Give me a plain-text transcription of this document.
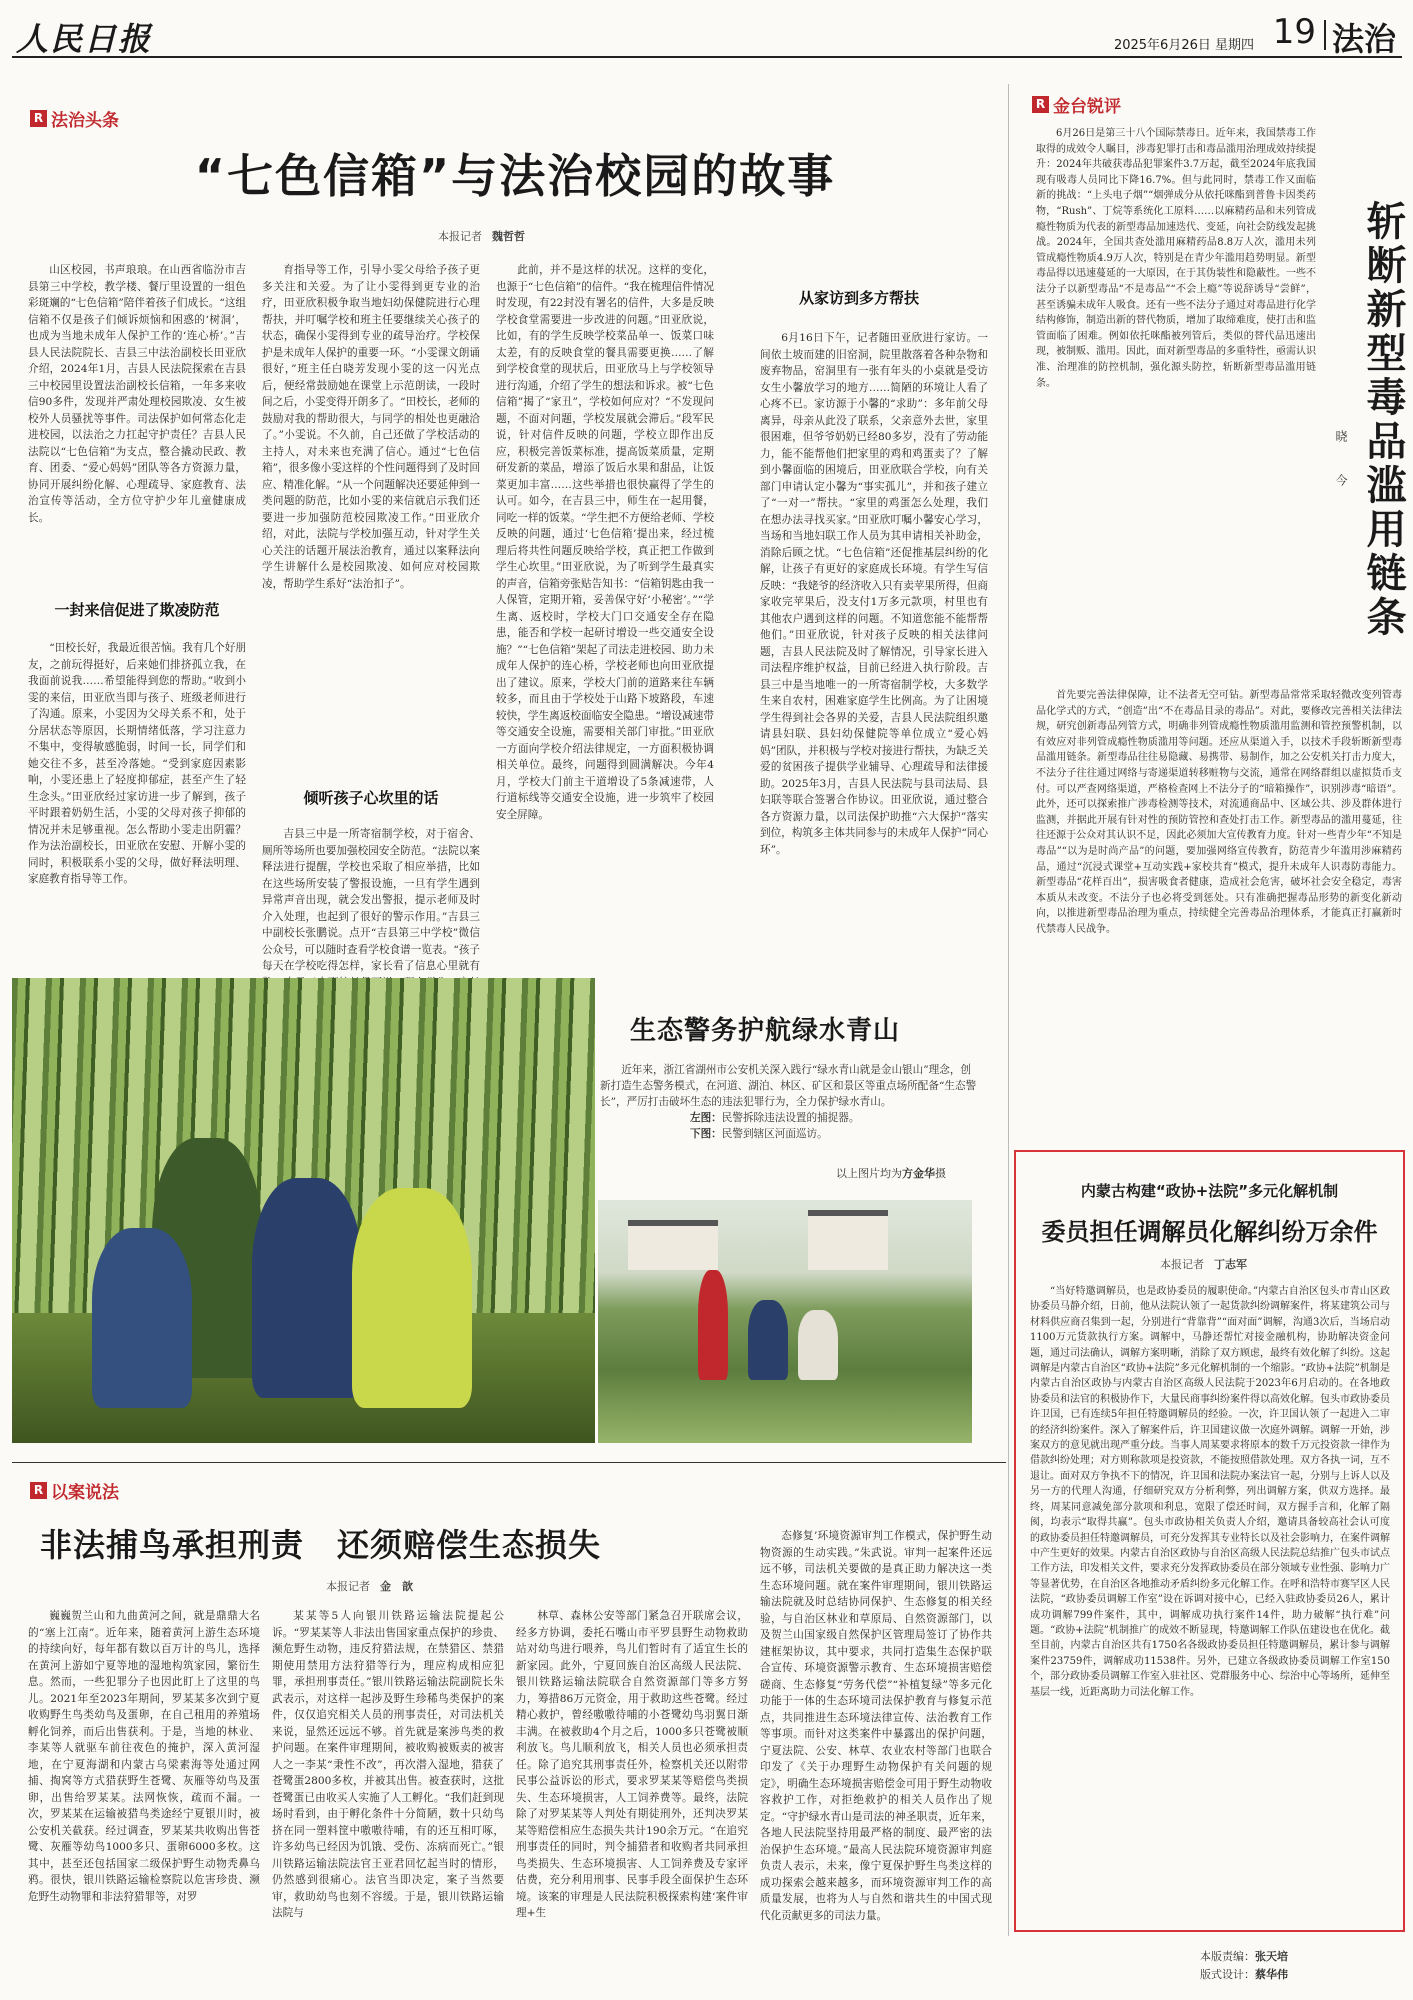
人民日报	2025年6月26日 星期四 19 法治
R 法治头条
“七色信箱”与法治校园的故事
本报记者 魏哲哲

山区校园，书声琅琅。在山西省临汾市吉县第三中学校，教学楼、餐厅里设置的一组色彩斑斓的“七色信箱”陪伴着孩子们成长。“这组信箱不仅是孩子们倾诉烦恼和困惑的‘树洞’，也成为当地未成年人保护工作的‘连心桥’。”吉县人民法院院长、吉县三中法治副校长田亚欣介绍，2024年1月，吉县人民法院探索在吉县三中校园里设置法治副校长信箱，一年多来收信90多件，发现并严肃处理校园欺凌、女生被校外人员骚扰等事件。司法保护如何常态化走进校园，以法治之力扛起守护责任？吉县人民法院以“七色信箱”为支点，整合撬动民政、教育、团委、“爱心妈妈”团队等各方资源力量，协同开展纠纷化解、心理疏导、家庭教育、法治宣传等活动，全方位守护少年儿童健康成长。

一封来信促进了欺凌防范

“田校长好，我最近很苦恼。我有几个好朋友，之前玩得挺好，后来她们排挤孤立我，在我面前说我……希望能得到您的帮助。”收到小雯的来信，田亚欣当即与孩子、班级老师进行了沟通。原来，小雯因为父母关系不和，处于分居状态等原因，长期情绪低落，学习注意力不集中，变得敏感脆弱，时间一长，同学们和她交往不多，甚至冷落她。“受到家庭因素影响，小雯还患上了轻度抑郁症，甚至产生了轻生念头。”田亚欣经过家访进一步了解到，孩子平时跟着奶奶生活，小雯的父母对孩子抑郁的情况并未足够重视。怎么帮助小雯走出阴霾？作为法治副校长，田亚欣在安慰、开解小雯的同时，积极联系小雯的父母，做好释法明理、家庭教育指导等工作。

育指导等工作，引导小雯父母给予孩子更多关注和关爱。为了让小雯得到更专业的治疗，田亚欣积极争取当地妇幼保健院进行心理帮扶，并叮嘱学校和班主任要继续关心孩子的状态，确保小雯得到专业的疏导治疗。学校保护是未成年人保护的重要一环。“小雯课文朗诵很好，”班主任白晓芳发现小雯的这一闪光点后，便经常鼓励她在课堂上示范朗读，一段时间之后，小雯变得开朗多了。“田校长，老师的鼓励对我的帮助很大，与同学的相处也更融洽了。”小雯说。不久前，自己还做了学校活动的主持人，对未来也充满了信心。通过“七色信箱”，很多像小雯这样的个性问题得到了及时回应、精准化解。“从一个问题解决还要延伸到一类问题的防范，比如小雯的来信就启示我们还要进一步加强防范校园欺凌工作。”田亚欣介绍，对此，法院与学校加强互动，针对学生关心关注的话题开展法治教育，通过以案释法向学生讲解什么是校园欺凌、如何应对校园欺凌，帮助学生系好“法治扣子”。

倾听孩子心坎里的话

吉县三中是一所寄宿制学校，对于宿舍、厕所等场所也要加强校园安全防范。“法院以案释法进行提醒，学校也采取了相应举措，比如在这些场所安装了警报设施，一旦有学生遇到异常声音出现，就会发出警报，提示老师及时介入处理，也起到了很好的警示作用。”吉县三中副校长张鹏说。点开“吉县第三中学校”微信公众号，可以随时查看学校食谱一览表。“孩子每天在学校吃得怎样，家长看了信息心里就有

此前，并不是这样的状况。这样的变化，也源于“七色信箱”的信件。“我在梳理信件情况时发现，有22封没有署名的信件，大多是反映学校食堂需要进一步改进的问题。”田亚欣说，比如，有的学生反映学校菜品单一、饭菜口味太差，有的反映食堂的餐具需要更换……了解到学校食堂的现状后，田亚欣马上与学校领导进行沟通，介绍了学生的想法和诉求。被“七色信箱”揭了“家丑”，学校如何应对？“不发现问题，不面对问题，学校发展就会滞后。”段军民说，针对信件反映的问题，学校立即作出反应，积极完善饭菜标准，提高饭菜质量，定期研发新的菜品，增添了饭后水果和甜品，让饭菜更加丰富……这些举措也很快赢得了学生的认可。如今，在吉县三中，师生在一起用餐，同吃一样的饭菜。“学生把不方便给老师、学校反映的问题，通过‘七色信箱’提出来，经过梳理后将共性问题反映给学校，真正把工作做到学生心坎里。”田亚欣说，为了听到学生最真实的声音，信箱旁张贴告知书：“信箱钥匙由我一人保管，定期开箱，妥善保守好‘小秘密’。”“学生离、返校时，学校大门口交通安全存在隐患，能否和学校一起研讨增设一些交通安全设施？”“七色信箱”架起了司法走进校园、助力未成年人保护的连心桥，学校老师也向田亚欣提出了建议。原来，学校大门前的道路来往车辆较多，而且由于学校处于山路下坡路段，车速较快，学生离返校面临安全隐患。“增设减速带等交通安全设施，需要相关部门审批。”田亚欣一方面向学校介绍法律规定，一方面积极协调相关单位。最终，问题得到圆满解决。今年4月，学校大门前主干道增设了5条减速带，人行道标线等交通安全设施，进一步筑牢了校园安全屏障。

从家访到多方帮扶

6月16日下午，记者随田亚欣进行家访。一间依土坡而建的旧窑洞，院里散落着各种杂物和废弃物品，窑洞里有一张有年头的小桌就是受访女生小馨放学习的地方……简陋的环境让人看了心疼不已。家访源于小馨的“求助”：多年前父母离异，母亲从此没了联系，父亲意外去世，家里很困难，但爷爷奶奶已经80多岁，没有了劳动能力，能不能帮他们把家里的鸡和鸡蛋卖了？了解到小馨面临的困境后，田亚欣联合学校，向有关部门申请认定小馨为“事实孤儿”，并和孩子建立了“一对一”帮扶。“家里的鸡蛋怎么处理，我们在想办法寻找买家。”田亚欣叮嘱小馨安心学习，当场和当地妇联工作人员为其申请相关补助金，消除后顾之忧。“七色信箱”还促推基层纠纷的化解，让孩子有更好的家庭成长环境。有学生写信反映：“我姥爷的经济收入只有卖苹果所得，但商家收完苹果后，没支付1万多元款项，村里也有其他农户遇到这样的问题。不知道您能不能帮帮他们。”田亚欣说，针对孩子反映的相关法律问题，吉县人民法院及时了解情况，引导家长进入司法程序维护权益，目前已经进入执行阶段。吉县三中是当地唯一的一所寄宿制学校，大多数学生来自农村，困难家庭学生比例高。为了让困境学生得到社会各界的关爱，吉县人民法院组织邀请县妇联、县妇幼保健院等单位成立“爱心妈妈”团队，并积极与学校对接进行帮扶，为缺乏关爱的贫困孩子提供学业辅导、心理疏导和法律援助。2025年3月，吉县人民法院与县司法局、县妇联等联合签署合作协议。田亚欣说，通过整合各方资源力量，以司法保护助推“六大保护”落实到位，构筑多主体共同参与的未成年人保护“同心环”。

生态警务护航绿水青山

近年来，浙江省湖州市公安机关深入践行“绿水青山就是金山银山”理念，创新打造生态警务模式，在河道、湖泊、林区、矿区和景区等重点场所配备“生态警长”，严厉打击破坏生态的违法犯罪行为，全力保护绿水青山。

左图：民警拆除违法设置的捕捉器。
下图：民警到辖区河面巡访。
以上图片均为方金华摄
R 以案说法
非法捕鸟承担刑责　还须赔偿生态损失
本报记者 金　歆

巍巍贺兰山和九曲黄河之间，就是鼎鼎大名的“塞上江南”。近年来，随着黄河上游生态环境的持续向好，每年都有数以百万计的鸟儿，选择在黄河上游如宁夏等地的湿地构筑家园，繁衍生息。然而，一些犯罪分子也因此盯上了这里的鸟儿。2021年至2023年期间，罗某某多次到宁夏收购野生鸟类幼鸟及蛋卵，在自己租用的养殖场孵化饲养，而后出售获利。于是，当地的林业、李某等人就驱车前往夜色的掩护，深入黄河湿地，在宁夏海湖和内蒙古乌梁素海等处通过网捕、掏窝等方式猎获野生苍鹭、灰雁等幼鸟及蛋卵，出售给罗某某。法网恢恢，疏而不漏。一次，罗某某在运输被猎鸟类途经宁夏银川时，被公安机关截获。经过调查，罗某某共收购出售苍鹭、灰雁等幼鸟1000多只、蛋卵6000多枚。这其中，甚至还包括国家二级保护野生动物秃鼻乌鸦。很快，银川铁路运输检察院以危害珍贵、濒危野生动物罪和非法狩猎罪等，对罗

某某等5人向银川铁路运输法院提起公诉。“罗某某等人非法出售国家重点保护的珍贵、濒危野生动物，违反狩猎法规，在禁猎区、禁猎期使用禁用方法狩猎等行为，理应构成相应犯罪，承担刑事责任。”银川铁路运输法院副院长朱武表示，对这样一起涉及野生珍稀鸟类保护的案件，仅仅追究相关人员的刑事责任，对司法机关来说，显然还远远不够。首先就是案涉鸟类的救护问题。在案件审理期间，被收购被贩卖的被害人之一李某“秉性不改”，再次潜入湿地，猎获了苍鹭蛋2800多枚，并被其出售。被查获时，这批苍鹭蛋已由收买人实施了人工孵化。“我们赶到现场时看到，由于孵化条件十分简陋，数十只幼鸟挤在同一塑料筐中嗷嗷待哺，有的还互相叮啄，许多幼鸟已经因为饥饿、受伤、冻病而死亡。”银川铁路运输法院法官王亚君回忆起当时的情形，仍然感到很痛心。法官当即决定，案子当然要审，救助幼鸟也刻不容缓。于是，银川铁路运输法院与

林草、森林公安等部门紧急召开联席会议，经多方协调，委托石嘴山市平罗县野生动物救助站对幼鸟进行喂养，鸟儿们暂时有了适宜生长的新家园。此外，宁夏回族自治区高级人民法院、银川铁路运输法院联合自然资源部门等多方努力，筹措86万元资金，用于救助这些苍鹭。经过精心救护，曾经嗷嗷待哺的小苍鹭幼鸟羽翼日渐丰满。在被救助4个月之后，1000多只苍鹭被顺利放飞。鸟儿顺利放飞，相关人员也必须承担责任。除了追究其刑事责任外，检察机关还以附带民事公益诉讼的形式，要求罗某某等赔偿鸟类损失、生态环境损害，人工饲养费等。最终，法院除了对罗某某等人判处有期徒刑外，还判决罗某某等赔偿相应生态损失共计190余万元。“在追究刑事责任的同时，判令捕猎者和收购者共同承担鸟类损失、生态环境损害、人工饲养费及专家评估费，充分利用刑事、民事手段全面保护生态环境。该案的审理是人民法院积极探索构建‘案件审理+生

态修复’环境资源审判工作模式，保护野生动物资源的生动实践。”朱武说。审判一起案件还远远不够，司法机关要做的是真正助力解决这一类生态环境问题。就在案件审理期间，银川铁路运输法院就及时总结协同保护、生态修复的相关经验，与自治区林业和草原局、自然资源部门，以及贺兰山国家级自然保护区管理局签订了协作共建框架协议，其中要求，共同打造集生态保护联合宣传、环境资源警示教育、生态环境损害赔偿磋商、生态修复“劳务代偿”“补植复绿”等多元化功能于一体的生态环境司法保护教育与修复示范点，共同推进生态环境法律宣传、法治教育工作等事项。而针对这类案件中暴露出的保护问题，宁夏法院、公安、林草、农业农村等部门也联合印发了《关于办理野生动物保护有关问题的规定》，明确生态环境损害赔偿金可用于野生动物收容救护工作，对拒绝救护的相关人员作出了规定。“守护绿水青山是司法的神圣职责，近年来，各地人民法院坚持用最严格的制度、最严密的法治保护生态环境。”最高人民法院环境资源审判庭负责人表示，未来，像宁夏保护野生鸟类这样的成功探索会越来越多，而环境资源审判工作的高质量发展，也将为人与自然和谐共生的中国式现代化贡献更多的司法力量。

R 金台锐评
斩断新型毒品滥用链条
晓　今

6月26日是第三十八个国际禁毒日。近年来，我国禁毒工作取得的成效令人瞩目，涉毒犯罪打击和毒品滥用治理成效持续提升：2024年共破获毒品犯罪案件3.7万起，截至2024年底我国现有吸毒人员同比下降16.7%。但与此同时，禁毒工作又面临新的挑战：“上头电子烟”“烟弹成分从依托咪酯到普鲁卡因类药物，“Rush”、丁烷等系统化工原料……以麻精药品和未列管成瘾性物质为代表的新型毒品加速迭代、变延，向社会防线发起挑战。2024年，全国共查处滥用麻精药品8.8万人次，滥用未列管成瘾性物质4.9万人次，特别是在青少年滥用趋势明显。新型毒品得以迅速蔓延的一大原因，在于其伪装性和隐蔽性。一些不法分子以新型毒品“不是毒品”“不会上瘾”等说辞诱导“尝鲜”，甚至诱骗未成年人吸食。还有一些不法分子通过对毒品进行化学结构修饰，制造出新的替代物质，增加了取缔难度，使打击和监管面临了困难。例如依托咪酯被列管后，类似的替代品迅速出现，被制贩、滥用。因此，面对新型毒品的多重特性，亟需认识准、治理准的防控机制，强化源头防控，斩断新型毒品滥用链条。

首先要完善法律保障，让不法者无空可钻。新型毒品常常采取轻微改变列管毒品化学式的方式，“创造”出“不在毒品目录的毒品”。对此，要修改完善相关法律法规，研究创新毒品列管方式，明确非列管成瘾性物质滥用监测和管控预警机制，以有效应对非列管成瘾性物质滥用等问题。还应从渠道入手，以技术手段斩断新型毒品滥用链条。新型毒品往往易隐藏、易携带、易制作，加之公安机关打击力度大，不法分子往往通过网络与寄递渠道转移赃物与交流，通常在网络群组以虚拟货币支付。可以严查网络渠道，严格检查网上不法分子的“暗箱操作”，识别涉毒“暗语”。此外，还可以探索推广涉毒检测等技术，对流通商品中、区域公共、涉及群体进行监测，并据此开展有针对性的预防管控和查处打击工作。新型毒品的滥用蔓延，往往还源于公众对其认识不足，因此必须加大宣传教育力度。针对一些青少年“不知是毒品”“以为是时尚产品”的问题，要加强网络宣传教育，防范青少年滥用涉麻精药品，通过“沉浸式课堂+互动实践+家校共育”模式，提升未成年人识毒防毒能力。新型毒品“花样百出”，损害吸食者健康，造成社会危害，破坏社会安全稳定，毒害本质从未改变。不法分子也必将受到惩处。只有准确把握毒品形势的新变化新动向，以推进新型毒品治理为重点，持续健全完善毒品治理体系，才能真正打赢新时代禁毒人民战争。

内蒙古构建“政协+法院”多元化解机制
委员担任调解员化解纠纷万余件
本报记者 丁志军

“当好特邀调解员，也是政协委员的履职使命。”内蒙古自治区包头市青山区政协委员马静介绍，日前，他从法院认领了一起货款纠纷调解案件，将某建筑公司与材料供应商召集到一起，分别进行“背靠背”“面对面”调解，沟通3次后，当场启动1100万元货款执行方案。调解中，马静还帮忙对接金融机构，协助解决资金问题，通过司法确认，调解方案明晰，消除了双方顾虑，最终有效化解了纠纷。这起调解是内蒙古自治区“政协+法院”多元化解机制的一个缩影。“政协+法院”机制是内蒙古自治区政协与内蒙古自治区高级人民法院于2023年6月启动的。在各地政协委员和法官的积极协作下，大量民商事纠纷案件得以高效化解。包头市政协委员许卫国，已有连续5年担任特邀调解员的经验。一次，许卫国认领了一起进入二审的经济纠纷案件。深入了解案件后，许卫国建议做一次庭外调解。调解一开始，涉案双方的意见就出现严重分歧。当事人周某要求将原本的数千万元投资款一律作为借款纠纷处理；对方则称款项是投资款，不能按照借款处理。双方各执一词，互不退让。面对双方争执不下的情况，许卫国和法院办案法官一起，分别与上诉人以及另一方的代理人沟通，仔细研究双方分析利弊，列出调解方案，供双方选择。最终，周某同意减免部分款项和利息，宽限了偿还时间，双方握手言和，化解了隔阂，均表示“取得共赢”。包头市政协相关负责人介绍，邀请具备较高社会认可度的政协委员担任特邀调解员，可充分发挥其专业特长以及社会影响力，在案件调解中产生更好的效果。内蒙古自治区政协与自治区高级人民法院总结推广包头市试点工作方法，印发相关文件，要求充分发挥政协委员在部分领域专业性强、影响力广等显著优势，在自治区各地推动矛盾纠纷多元化解工作。在呼和浩特市赛罕区人民法院，“政协委员调解工作室”设在诉调对接中心，已经入驻政协委员26人，累计成功调解799件案件，其中，调解成功执行案件14件，助力破解“执行难”问题。“政协+法院”机制推广的成效不断显现，特邀调解工作队伍建设也在优化。截至目前，内蒙古自治区共有1750名各级政协委员担任特邀调解员，累计参与调解案件23759件，调解成功11538件。另外，已建立各级政协委员调解工作室150个，部分政协委员调解工作室入驻社区、党群服务中心、综治中心等场所，延伸至基层一线，近距离助力司法化解工作。

本版责编：张天培
版式设计：蔡华伟
